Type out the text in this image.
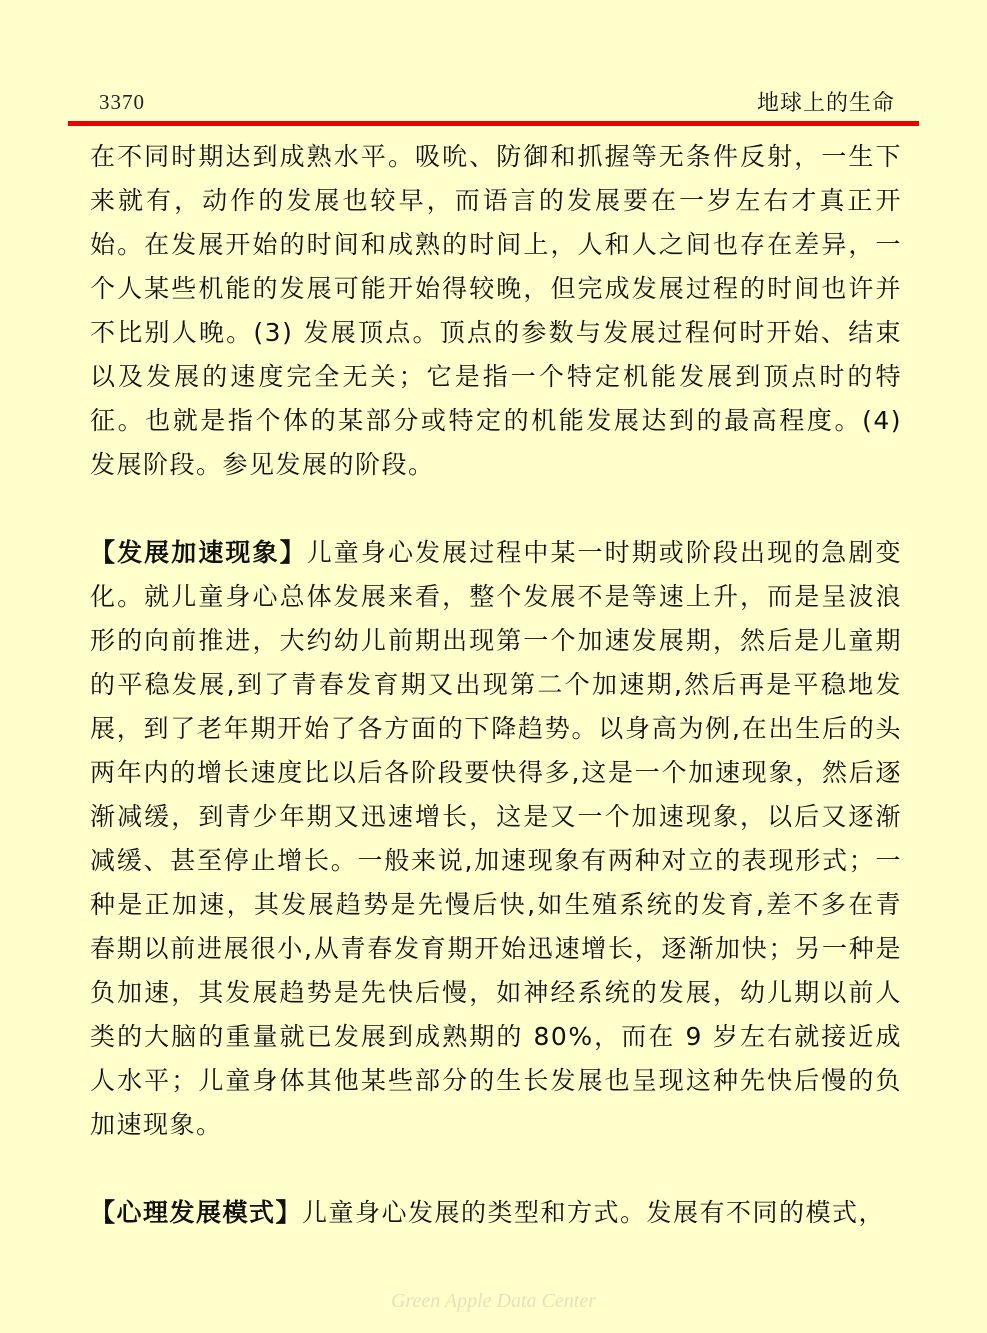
3370	地球上的生命

在不同时期达到成熟水平。吸吮、防御和抓握等无条件反射，一生下来就有，动作的发展也较早，而语言的发展要在一岁左右才真正开始。在发展开始的时间和成熟的时间上，人和人之间也存在差异，一个人某些机能的发展可能开始得较晚，但完成发展过程的时间也许并不比别人晚。(3) 发展顶点。顶点的参数与发展过程何时开始、结束以及发展的速度完全无关；它是指一个特定机能发展到顶点时的特征。也就是指个体的某部分或特定的机能发展达到的最高程度。(4) 发展阶段。参见发展的阶段。

【发展加速现象】儿童身心发展过程中某一时期或阶段出现的急剧变化。就儿童身心总体发展来看，整个发展不是等速上升，而是呈波浪形的向前推进，大约幼儿前期出现第一个加速发展期，然后是儿童期的平稳发展,到了青春发育期又出现第二个加速期,然后再是平稳地发展，到了老年期开始了各方面的下降趋势。以身高为例,在出生后的头两年内的增长速度比以后各阶段要快得多,这是一个加速现象，然后逐渐减缓，到青少年期又迅速增长，这是又一个加速现象，以后又逐渐减缓、甚至停止增长。一般来说,加速现象有两种对立的表现形式；一种是正加速，其发展趋势是先慢后快,如生殖系统的发育,差不多在青春期以前进展很小,从青春发育期开始迅速增长，逐渐加快；另一种是负加速，其发展趋势是先快后慢，如神经系统的发展，幼儿期以前人类的大脑的重量就已发展到成熟期的 80%，而在 9 岁左右就接近成人水平；儿童身体其他某些部分的生长发展也呈现这种先快后慢的负加速现象。

【心理发展模式】儿童身心发展的类型和方式。发展有不同的模式，

Green Apple Data Center
